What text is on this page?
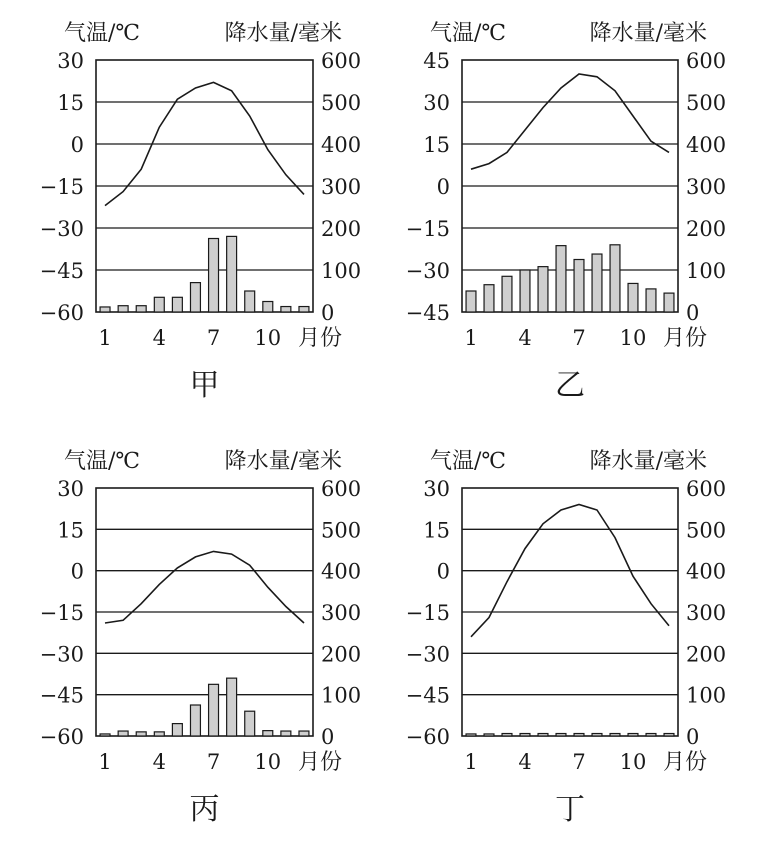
气温/℃	降水量/毫米
30
15
0
−15
−30
−45
−60
600
500
400
300
200
100
0
1 4 7 10 月份
甲
气温/℃	降水量/毫米
45
30
15
0
−15
−30
−45
600
500
400
300
200
100
0
1 4 7 10 月份
乙
气温/℃	降水量/毫米
30
15
0
−15
−30
−45
−60
600
500
400
300
200
100
0
1 4 7 10 月份
丙
气温/℃	降水量/毫米
30
15
0
−15
−30
−45
−60
600
500
400
300
200
100
0
1 4 7 10 月份
丁
